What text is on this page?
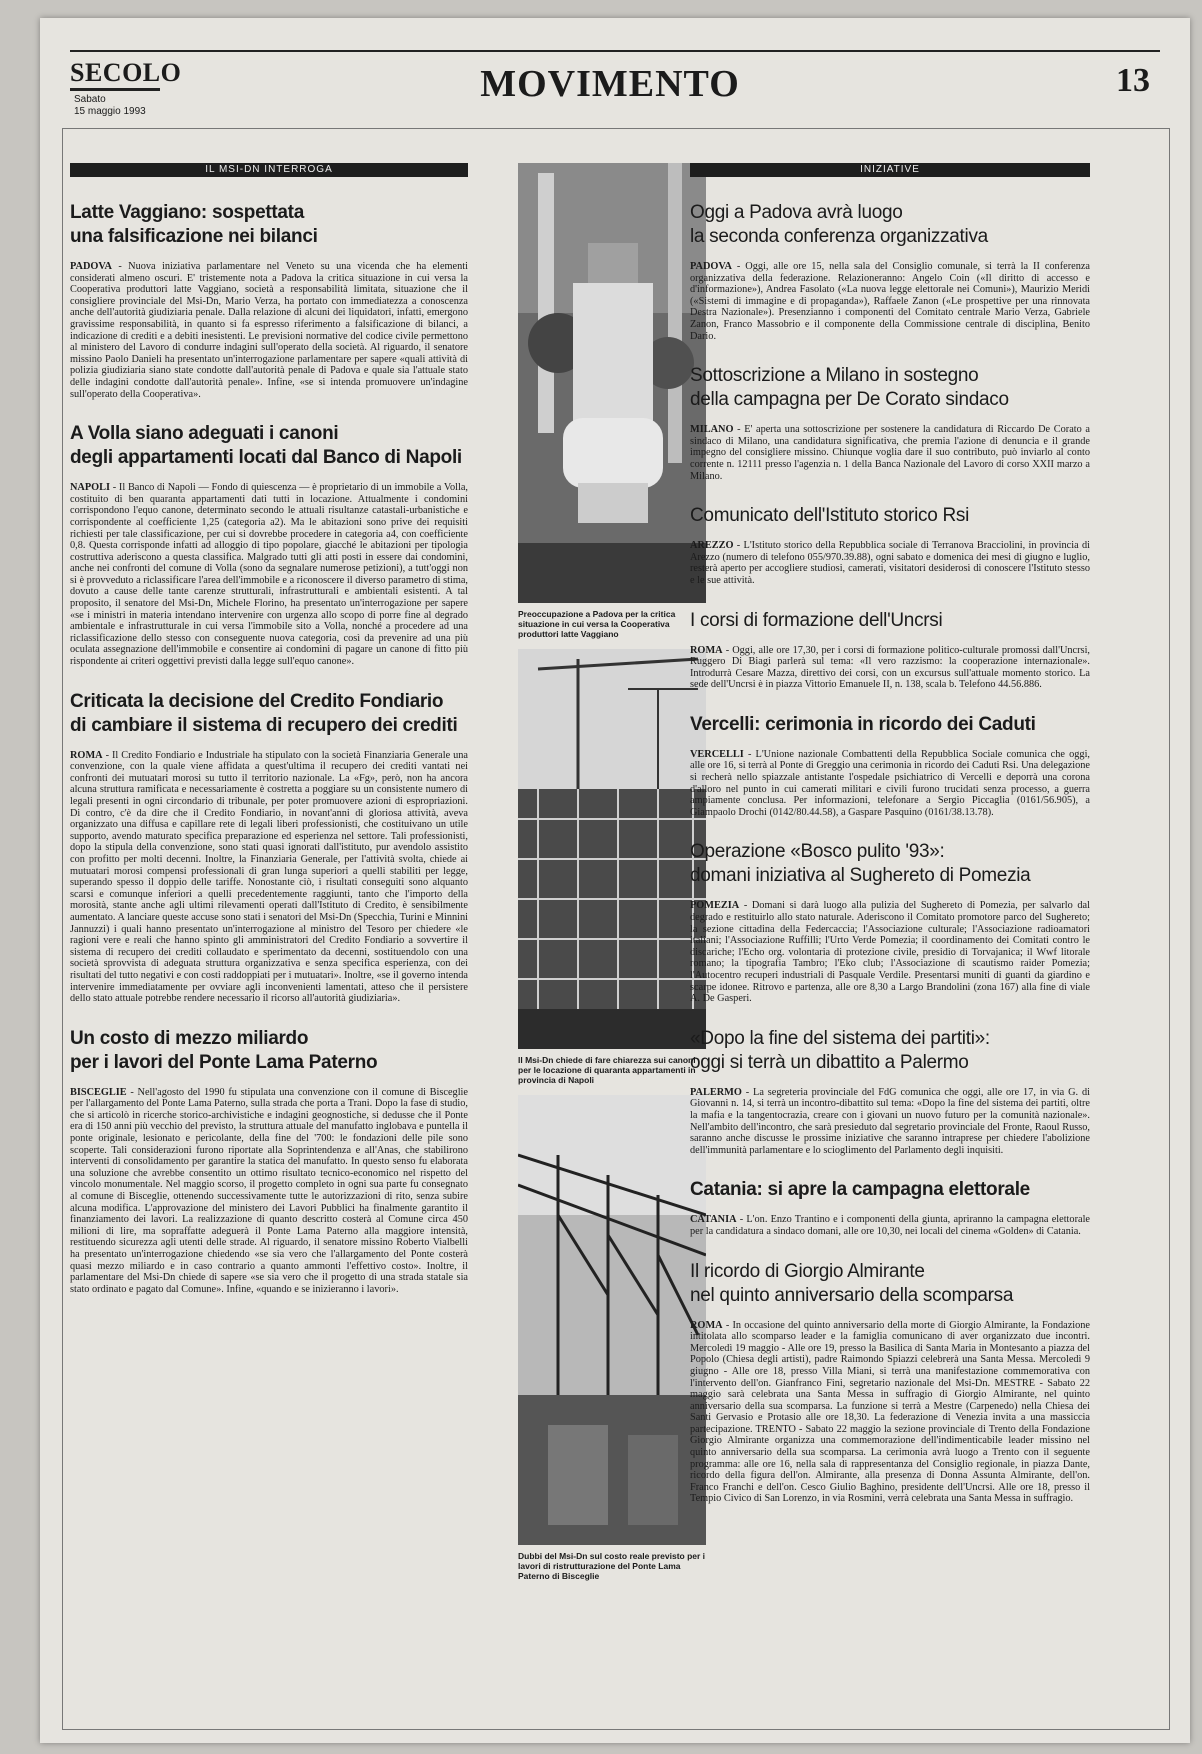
SECOLO
Sabato
15 maggio 1993
MOVIMENTO	13
IL MSI-DN INTERROGA
Latte Vaggiano: sospettata
una falsificazione nei bilanci
PADOVA - Nuova iniziativa parlamentare nel Veneto su una vicenda che ha elementi considerati almeno oscuri. E' tristemente nota a Padova la critica situazione in cui versa la Cooperativa produttori latte Vaggiano, società a responsabilità limitata, situazione che il consigliere provinciale del Msi-Dn, Mario Verza, ha portato con immediatezza a conoscenza anche dell'autorità giudiziaria penale. Dalla relazione di alcuni dei liquidatori, infatti, emergono gravissime responsabilità, in quanto si fa espresso riferimento a falsificazione di bilanci, a indicazione di crediti e a debiti inesistenti. Le previsioni normative del codice civile permettono al ministero del Lavoro di condurre indagini sull'operato della società. Al riguardo, il senatore missino Paolo Danieli ha presentato un'interrogazione parlamentare per sapere «quali attività di polizia giudiziaria siano state condotte dall'autorità penale di Padova e quale sia l'attuale stato delle indagini condotte dall'autorità penale». Infine, «se si intenda promuovere un'indagine sull'operato della Cooperativa».
A Volla siano adeguati i canoni
degli appartamenti locati dal Banco di Napoli
NAPOLI - Il Banco di Napoli — Fondo di quiescenza — è proprietario di un immobile a Volla, costituito di ben quaranta appartamenti dati tutti in locazione. Attualmente i condomini corrispondono l'equo canone, determinato secondo le attuali risultanze catastali-urbanistiche e corrispondente al coefficiente 1,25 (categoria a2). Ma le abitazioni sono prive dei requisiti richiesti per tale classificazione, per cui si dovrebbe procedere in categoria a4, con coefficiente 0,8. Questa corrisponde infatti ad alloggio di tipo popolare, giacché le abitazioni per tipologia costruttiva aderiscono a questa classifica. Malgrado tutti gli atti posti in essere dai condomini, anche nei confronti del comune di Volla (sono da segnalare numerose petizioni), a tutt'oggi non si è provveduto a riclassificare l'area dell'immobile e a riconoscere il diverso parametro di stima, dovuto a cause delle tante carenze strutturali, infrastrutturali e ambientali esistenti. A tal proposito, il senatore del Msi-Dn, Michele Florino, ha presentato un'interrogazione per sapere «se i ministri in materia intendano intervenire con urgenza allo scopo di porre fine al degrado ambientale e infrastrutturale in cui versa l'immobile sito a Volla, nonché a procedere ad una riclassificazione dello stesso con conseguente nuova categoria, così da prevenire ad una più oculata assegnazione dell'immobile e consentire ai condomini di pagare un canone di fitto più rispondente ai criteri oggettivi previsti dalla legge sull'equo canone».
Criticata la decisione del Credito Fondiario
di cambiare il sistema di recupero dei crediti
ROMA - Il Credito Fondiario e Industriale ha stipulato con la società Finanziaria Generale una convenzione, con la quale viene affidata a quest'ultima il recupero dei crediti vantati nei confronti dei mutuatari morosi su tutto il territorio nazionale. La «Fg», però, non ha ancora alcuna struttura ramificata e necessariamente è costretta a poggiare su un consistente numero di legali presenti in ogni circondario di tribunale, per poter promuovere azioni di espropriazioni. Di contro, c'è da dire che il Credito Fondiario, in novant'anni di gloriosa attività, aveva organizzato una diffusa e capillare rete di legali liberi professionisti, che costituivano un utile supporto, avendo maturato specifica preparazione ed esperienza nel settore. Tali professionisti, dopo la stipula della convenzione, sono stati quasi ignorati dall'istituto, pur avendolo assistito con profitto per molti decenni. Inoltre, la Finanziaria Generale, per l'attività svolta, chiede ai mutuatari morosi compensi professionali di gran lunga superiori a quelli stabiliti per legge, superando spesso il doppio delle tariffe. Nonostante ciò, i risultati conseguiti sono alquanto scarsi e comunque inferiori a quelli precedentemente raggiunti, tanto che l'importo della morosità, stante anche agli ultimi rilevamenti operati dall'Istituto di Credito, è sensibilmente aumentato. A lanciare queste accuse sono stati i senatori del Msi-Dn (Specchia, Turini e Minnini Jannuzzi) i quali hanno presentato un'interrogazione al ministro del Tesoro per chiedere «le ragioni vere e reali che hanno spinto gli amministratori del Credito Fondiario a sovvertire il sistema di recupero dei crediti collaudato e sperimentato da decenni, sostituendolo con una società sprovvista di adeguata struttura organizzativa e senza specifica esperienza, con dei risultati del tutto negativi e con costi raddoppiati per i mutuatari». Inoltre, «se il governo intenda intervenire immediatamente per ovviare agli inconvenienti lamentati, atteso che il persistere dello stato attuale potrebbe rendere necessario il ricorso all'autorità giudiziaria».
Un costo di mezzo miliardo
per i lavori del Ponte Lama Paterno
BISCEGLIE - Nell'agosto del 1990 fu stipulata una convenzione con il comune di Bisceglie per l'allargamento del Ponte Lama Paterno, sulla strada che porta a Trani. Dopo la fase di studio, che si articolò in ricerche storico-archivistiche e indagini geognostiche, si dedusse che il Ponte era di 150 anni più vecchio del previsto, la struttura attuale del manufatto inglobava e puntella il ponte originale, lesionato e pericolante, della fine del '700: le fondazioni delle pile sono scoperte. Tali considerazioni furono riportate alla Soprintendenza e all'Anas, che stabilirono interventi di consolidamento per garantire la statica del manufatto. In questo senso fu elaborata una soluzione che avrebbe consentito un ottimo risultato tecnico-economico nel rispetto del vincolo monumentale. Nel maggio scorso, il progetto completo in ogni sua parte fu consegnato al comune di Bisceglie, ottenendo successivamente tutte le autorizzazioni di rito, senza subire alcuna modifica. L'approvazione del ministero dei Lavori Pubblici ha finalmente garantito il finanziamento dei lavori. La realizzazione di quanto descritto costerà al Comune circa 450 milioni di lire, ma sopraffatte adeguerà il Ponte Lama Paterno alla maggiore intensità, restituendo sicurezza agli utenti delle strade. Al riguardo, il senatore missino Roberto Vialbelli ha presentato un'interrogazione chiedendo «se sia vero che l'allargamento del Ponte costerà quasi mezzo miliardo e in caso contrario a quanto ammonti l'effettivo costo». Inoltre, il parlamentare del Msi-Dn chiede di sapere «se sia vero che il progetto di una strada statale sia stato ordinato e pagato dal Comune». Infine, «quando e se inizieranno i lavori».
Preoccupazione a Padova per la critica situazione in cui versa la Cooperativa produttori latte Vaggiano
Il Msi-Dn chiede di fare chiarezza sui canoni per le locazione di quaranta appartamenti in provincia di Napoli
Dubbi del Msi-Dn sul costo reale previsto per i lavori di ristrutturazione del Ponte Lama Paterno di Bisceglie
INIZIATIVE
Oggi a Padova avrà luogo
la seconda conferenza organizzativa
PADOVA - Oggi, alle ore 15, nella sala del Consiglio comunale, si terrà la II conferenza organizzativa della federazione. Relazioneranno: Angelo Coin («Il diritto di accesso e d'informazione»), Andrea Fasolato («La nuova legge elettorale nei Comuni»), Maurizio Meridi («Sistemi di immagine e di propaganda»), Raffaele Zanon («Le prospettive per una rinnovata Destra Nazionale»). Presenzianno i componenti del Comitato centrale Mario Verza, Gabriele Zanon, Franco Massobrio e il componente della Commissione centrale di disciplina, Benito Dario.
Sottoscrizione a Milano in sostegno
della campagna per De Corato sindaco
MILANO - E' aperta una sottoscrizione per sostenere la candidatura di Riccardo De Corato a sindaco di Milano, una candidatura significativa, che premia l'azione di denuncia e il grande impegno del consigliere missino. Chiunque voglia dare il suo contributo, può inviarlo al conto corrente n. 12111 presso l'agenzia n. 1 della Banca Nazionale del Lavoro di corso XXII marzo a Milano.
Comunicato dell'Istituto storico Rsi
AREZZO - L'Istituto storico della Repubblica sociale di Terranova Bracciolini, in provincia di Arezzo (numero di telefono 055/970.39.88), ogni sabato e domenica dei mesi di giugno e luglio, resterà aperto per accogliere studiosi, camerati, visitatori desiderosi di conoscere l'Istituto stesso e le sue attività.
I corsi di formazione dell'Uncrsi
ROMA - Oggi, alle ore 17,30, per i corsi di formazione politico-culturale promossi dall'Uncrsi, Ruggero Di Biagi parlerà sul tema: «Il vero razzismo: la cooperazione internazionale». Introdurrà Cesare Mazza, direttivo dei corsi, con un excursus sull'attuale momento storico. La sede dell'Uncrsi è in piazza Vittorio Emanuele II, n. 138, scala b. Telefono 44.56.886.
Vercelli: cerimonia in ricordo dei Caduti
VERCELLI - L'Unione nazionale Combattenti della Repubblica Sociale comunica che oggi, alle ore 16, si terrà al Ponte di Greggio una cerimonia in ricordo dei Caduti Rsi. Una delegazione si recherà nello spiazzale antistante l'ospedale psichiatrico di Vercelli e deporrà una corona d'alloro nel punto in cui camerati militari e civili furono trucidati senza processo, a guerra ampiamente conclusa. Per informazioni, telefonare a Sergio Piccaglia (0161/56.905), a Giampaolo Drochi (0142/80.44.58), a Gaspare Pasquino (0161/38.13.78).
Operazione «Bosco pulito '93»:
domani iniziativa al Sughereto di Pomezia
POMEZIA - Domani si darà luogo alla pulizia del Sughereto di Pomezia, per salvarlo dal degrado e restituirlo allo stato naturale. Aderiscono il Comitato promotore parco del Sughereto; la sezione cittadina della Federcaccia; l'Associazione culturale; l'Associazione radioamatori italiani; l'Associazione Ruffilli; l'Urto Verde Pomezia; il coordinamento dei Comitati contro le discariche; l'Echo org. volontaria di protezione civile, presidio di Torvajanica; il Wwf litorale romano; la tipografia Tambro; l'Eko club; l'Associazione di scautismo raider Pomezia; l'Autocentro recuperi industriali di Pasquale Verdile. Presentarsi muniti di guanti da giardino e scarpe idonee. Ritrovo e partenza, alle ore 8,30 a Largo Brandolini (zona 167) alla fine di viale A. De Gasperi.
«Dopo la fine del sistema dei partiti»:
oggi si terrà un dibattito a Palermo
PALERMO - La segreteria provinciale del FdG comunica che oggi, alle ore 17, in via G. di Giovanni n. 14, si terrà un incontro-dibattito sul tema: «Dopo la fine del sistema dei partiti, oltre la mafia e la tangentocrazia, creare con i giovani un nuovo futuro per la comunità nazionale». Nell'ambito dell'incontro, che sarà presieduto dal segretario provinciale del Fronte, Raoul Russo, saranno anche discusse le prossime iniziative che saranno intraprese per chiedere l'abolizione dell'immunità parlamentare e lo scioglimento del Parlamento degli inquisiti.
Catania: si apre la campagna elettorale
CATANIA - L'on. Enzo Trantino e i componenti della giunta, apriranno la campagna elettorale per la candidatura a sindaco domani, alle ore 10,30, nei locali del cinema «Golden» di Catania.
Il ricordo di Giorgio Almirante
nel quinto anniversario della scomparsa
ROMA - In occasione del quinto anniversario della morte di Giorgio Almirante, la Fondazione intitolata allo scomparso leader e la famiglia comunicano di aver organizzato due incontri. Mercoledì 19 maggio - Alle ore 19, presso la Basilica di Santa Maria in Montesanto a piazza del Popolo (Chiesa degli artisti), padre Raimondo Spiazzi celebrerà una Santa Messa. Mercoledì 9 giugno - Alle ore 18, presso Villa Miani, si terrà una manifestazione commemorativa con l'intervento dell'on. Gianfranco Fini, segretario nazionale del Msi-Dn. MESTRE - Sabato 22 maggio sarà celebrata una Santa Messa in suffragio di Giorgio Almirante, nel quinto anniversario della sua scomparsa. La funzione si terrà a Mestre (Carpenedo) nella Chiesa dei Santi Gervasio e Protasio alle ore 18,30. La federazione di Venezia invita a una massiccia partecipazione. TRENTO - Sabato 22 maggio la sezione provinciale di Trento della Fondazione Giorgio Almirante organizza una commemorazione dell'indimenticabile leader missino nel quinto anniversario della sua scomparsa. La cerimonia avrà luogo a Trento con il seguente programma: alle ore 16, nella sala di rappresentanza del Consiglio regionale, in piazza Dante, ricordo della figura dell'on. Almirante, alla presenza di Donna Assunta Almirante, dell'on. Franco Franchi e dell'on. Cesco Giulio Baghino, presidente dell'Uncrsi. Alle ore 18, presso il Tempio Civico di San Lorenzo, in via Rosmini, verrà celebrata una Santa Messa in suffragio.
